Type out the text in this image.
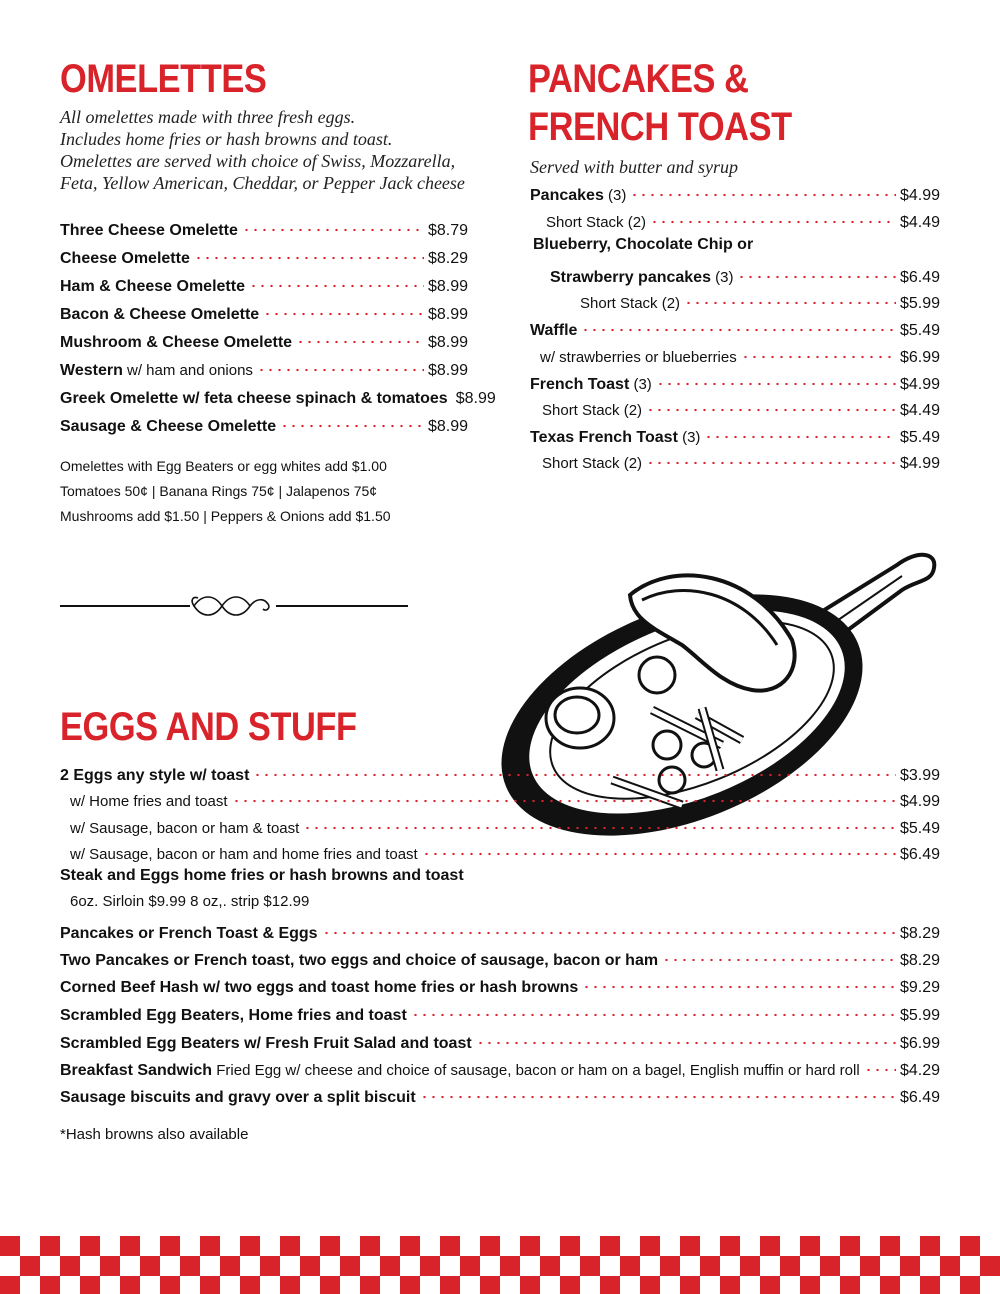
OMELETTES
All omelettes made with three fresh eggs.
Includes home fries or hash browns and toast.
Omelettes are served with choice of Swiss, Mozzarella,
Feta, Yellow American, Cheddar, or Pepper Jack cheese
Three Cheese Omelette	$8.79
Cheese Omelette	$8.29
Ham & Cheese Omelette	$8.99
Bacon & Cheese Omelette	$8.99
Mushroom & Cheese Omelette	$8.99
Western w/ ham and onions	$8.99
Greek Omelette w/ feta cheese spinach & tomatoes $8.99
Sausage & Cheese Omelette	$8.99
Omelettes with Egg Beaters or egg whites add $1.00
Tomatoes 50¢ | Banana Rings 75¢ | Jalapenos 75¢
Mushrooms add $1.50 | Peppers & Onions add $1.50
PANCAKES &
FRENCH TOAST
Served with butter and syrup
Pancakes (3)	$4.99
Short Stack (2)	$4.49
Blueberry, Chocolate Chip or
Strawberry pancakes (3)	$6.49
Short Stack (2)	$5.99
Waffle	$5.49
w/ strawberries or blueberries	$6.99
French Toast (3)	$4.99
Short Stack (2)	$4.49
Texas French Toast (3)	$5.49
Short Stack (2)	$4.99
EGGS AND STUFF
2 Eggs any style w/ toast	$3.99
w/ Home fries and toast	$4.99
w/ Sausage, bacon or ham & toast	$5.49
w/ Sausage, bacon or ham and home fries and toast	$6.49
Steak and Eggs home fries or hash browns and toast
6oz. Sirloin $9.99 8 oz,. strip $12.99
Pancakes or French Toast & Eggs	$8.29
Two Pancakes or French toast, two eggs and choice of sausage, bacon or ham	$8.29
Corned Beef Hash w/ two eggs and toast home fries or hash browns	$9.29
Scrambled Egg Beaters, Home fries and toast	$5.99
Scrambled Egg Beaters w/ Fresh Fruit Salad and toast	$6.99
Breakfast Sandwich Fried Egg w/ cheese and choice of sausage, bacon or ham on a bagel, English muffin or hard roll	$4.29
Sausage biscuits and gravy over a split biscuit	$6.49
*Hash browns also available
